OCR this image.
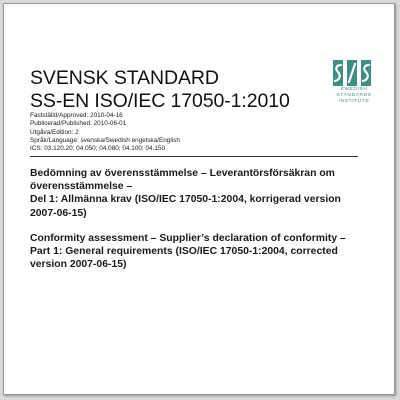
SVENSK STANDARD
SS-EN ISO/IEC 17050-1:2010
SWEDISH
STANDARDS
INSTITUTE
Fastställd/Approved: 2010-04-16
Publicerad/Published: 2010-06-01
Utgåva/Edition: 2
Språk/Language: svenska/Swedish engelska/English
ICS: 03.120.20; 04.050; 04.080; 04.100; 04.150
Bedömning av överensstämmelse – Leverantörsförsäkran om
överensstämmelse –
Del 1: Allmänna krav (ISO/IEC 17050-1:2004, korrigerad version
2007-06-15)
Conformity assessment – Supplier’s declaration of conformity –
Part 1: General requirements (ISO/IEC 17050-1:2004, corrected
version 2007-06-15)
